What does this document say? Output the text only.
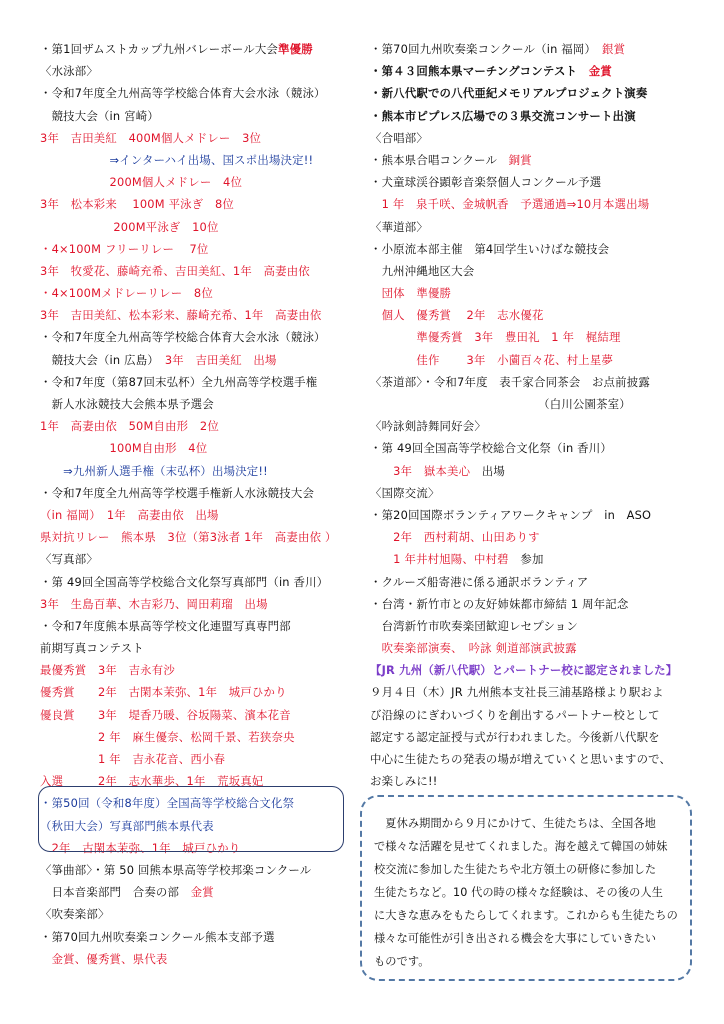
・第1回ザムストカップ九州バレーボール大会準優勝
〈水泳部〉
・令和7年度全九州高等学校総合体育大会水泳（競泳）
　競技大会（in 宮崎）
3年　吉田美紅　400M個人メドレー　3位
　　　　　　⇒インターハイ出場、国スポ出場決定!!
　　　　　　200M個人メドレー　4位
3年　松本彩来　 100M 平泳ぎ　8位
　　　　　　 200M平泳ぎ　10位
・4×100M フリーリレー　 7位
3年　牧愛花、藤崎充希、吉田美紅、1年　高妻由依
・4×100Mメドレーリレー　8位
3年　吉田美紅、松本彩来、藤崎充希、1年　高妻由依
・令和7年度全九州高等学校総合体育大会水泳（競泳）
　競技大会（in 広島）　 3年　吉田美紅　出場
・令和7年度（第87回末弘杯）全九州高等学校選手権
　新人水泳競技大会熊本県予選会
1年　高妻由依　50M自由形　2位
　　　　　　100M自由形　4位
　　⇒九州新人選手権（末弘杯）出場決定!!
・令和7年度全九州高等学校選手権新人水泳競技大会
（in 福岡）　1年　高妻由依　出場
県対抗リレー　熊本県　3位（第3泳者 1年　高妻由依 ）
〈写真部〉
・第 49回全国高等学校総合文化祭写真部門（in 香川）
3年　生島百華、木吉彩乃、岡田莉瑠　出場
・令和7年度熊本県高等学校文化連盟写真専門部
前期写真コンテスト
最優秀賞　3年　吉永有沙
優秀賞　　2年　古閑本茉弥、1年　城戸ひかり
優良賞　　3年　堤香乃暖、谷坂陽菜、濱本花音
　　　　　2 年　麻生優奈、松岡千景、若狭奈央
　　　　　1 年　吉永花音、西小春
入選　　　2年　志水華歩、1年　荒坂真妃
・第50回（令和8年度）全国高等学校総合文化祭
（秋田大会）写真部門熊本県代表
　2年　古閑本茉弥、1年　城戸ひかり
〈箏曲部〉・第 50 回熊本県高等学校邦楽コンクール
　日本音楽部門　合奏の部　 金賞
〈吹奏楽部〉
・第70回九州吹奏楽コンクール熊本支部予選
　金賞、優秀賞、県代表
・第70回九州吹奏楽コンクール（in 福岡）　 銀賞
・第４３回熊本県マーチングコンテスト　金賞
・新八代駅での八代亜紀メモリアルプロジェクト演奏
・熊本市ピプレス広場での３県交流コンサート出演
〈合唱部〉
・熊本県合唱コンクール　銅賞
・犬童球渓谷顕彰音楽祭個人コンクール予選
　1 年　泉千咲、金城帆香　予選通過⇒10月本選出場
〈華道部〉
・小原流本部主催　第4回学生いけばな競技会
　九州沖縄地区大会
　団体　準優勝
　個人　優秀賞　 2年　志水優花
　　　　準優秀賞　3年　豊田礼　1 年　梶結理
　　　　佳作　　 3年　小薗百々花、村上星夢
〈茶道部〉・令和7年度　表千家合同茶会　お点前披露
　　　　　　　　　　　　　　　（白川公園茶室）
〈吟詠剣詩舞同好会〉
・第 49回全国高等学校総合文化祭（in 香川）
　　3年　嶽本美心　 出場
〈国際交流〉
・第20回国際ボランティアワークキャンプ　in　ASO
　　2年　西村莉胡、山田ありす
　　1 年井村旭陽、中村碧　 参加
・クルーズ船寄港に係る通訳ボランティア
・台湾・新竹市との友好姉妹都市締結 1 周年記念
　台湾新竹市吹奏楽団歓迎レセプション
　吹奏楽部演奏、　吟詠 剣道部演武披露
【JR 九州（新八代駅）とパートナー校に認定されました】
９月４日（木）JR 九州熊本支社長三浦基路様より駅およ
び沿線のにぎわいづくりを創出するパートナー校として
認定する認定証授与式が行われました。今後新八代駅を
中心に生徒たちの発表の場が増えていくと思いますので、
お楽しみに!!
　夏休み期間から９月にかけて、生徒たちは、全国各地
で様々な活躍を見せてくれました。海を越えて韓国の姉妹
校交流に参加した生徒たちや北方領土の研修に参加した
生徒たちなど。10 代の時の様々な経験は、その後の人生
に大きな恵みをもたらしてくれます。これからも生徒たちの
様々な可能性が引き出される機会を大事にしていきたい
ものです。
